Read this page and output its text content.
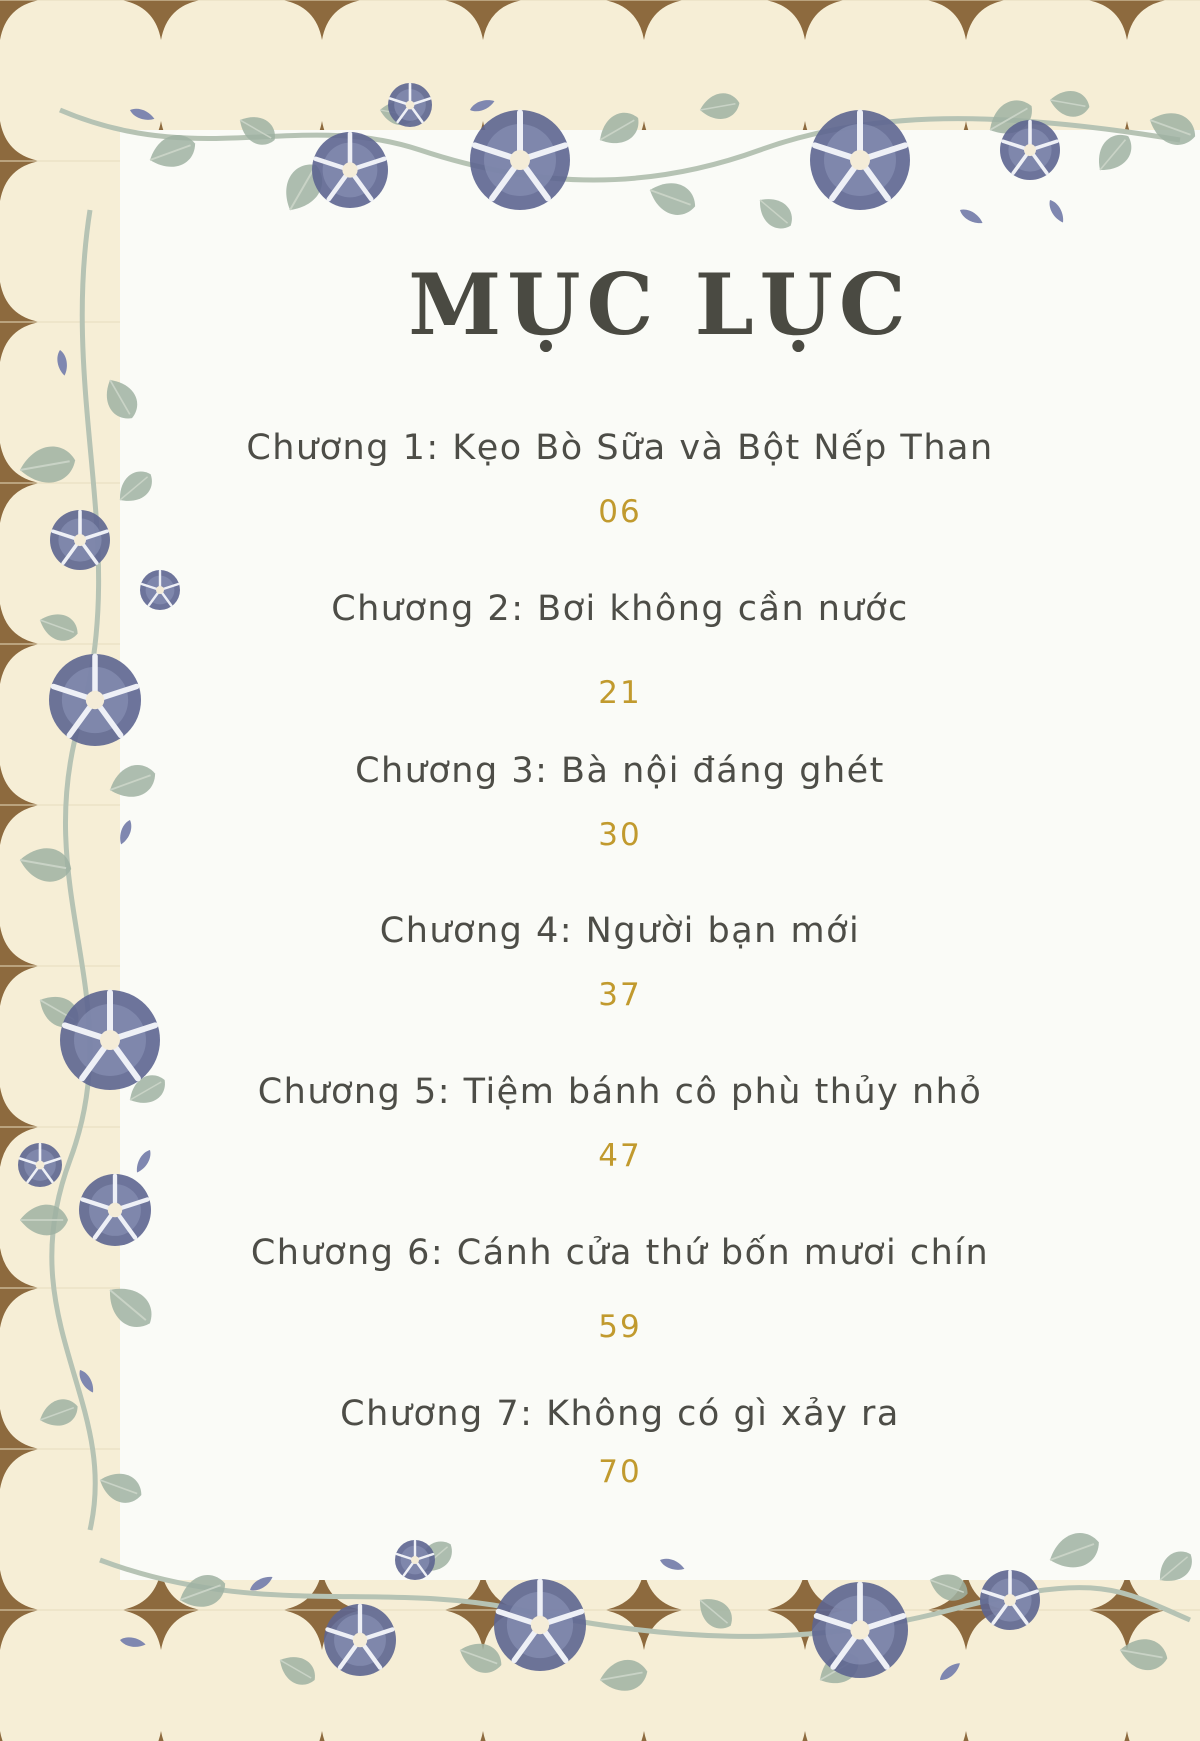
MỤC LỤC
Chương 1: Kẹo Bò Sữa và Bột Nếp Than
06
Chương 2: Bơi không cần nước
21
Chương 3: Bà nội đáng ghét
30
Chương 4: Người bạn mới
37
Chương 5: Tiệm bánh cô phù thủy nhỏ
47
Chương 6: Cánh cửa thứ bốn mươi chín
59
Chương 7: Không có gì xảy ra
70
